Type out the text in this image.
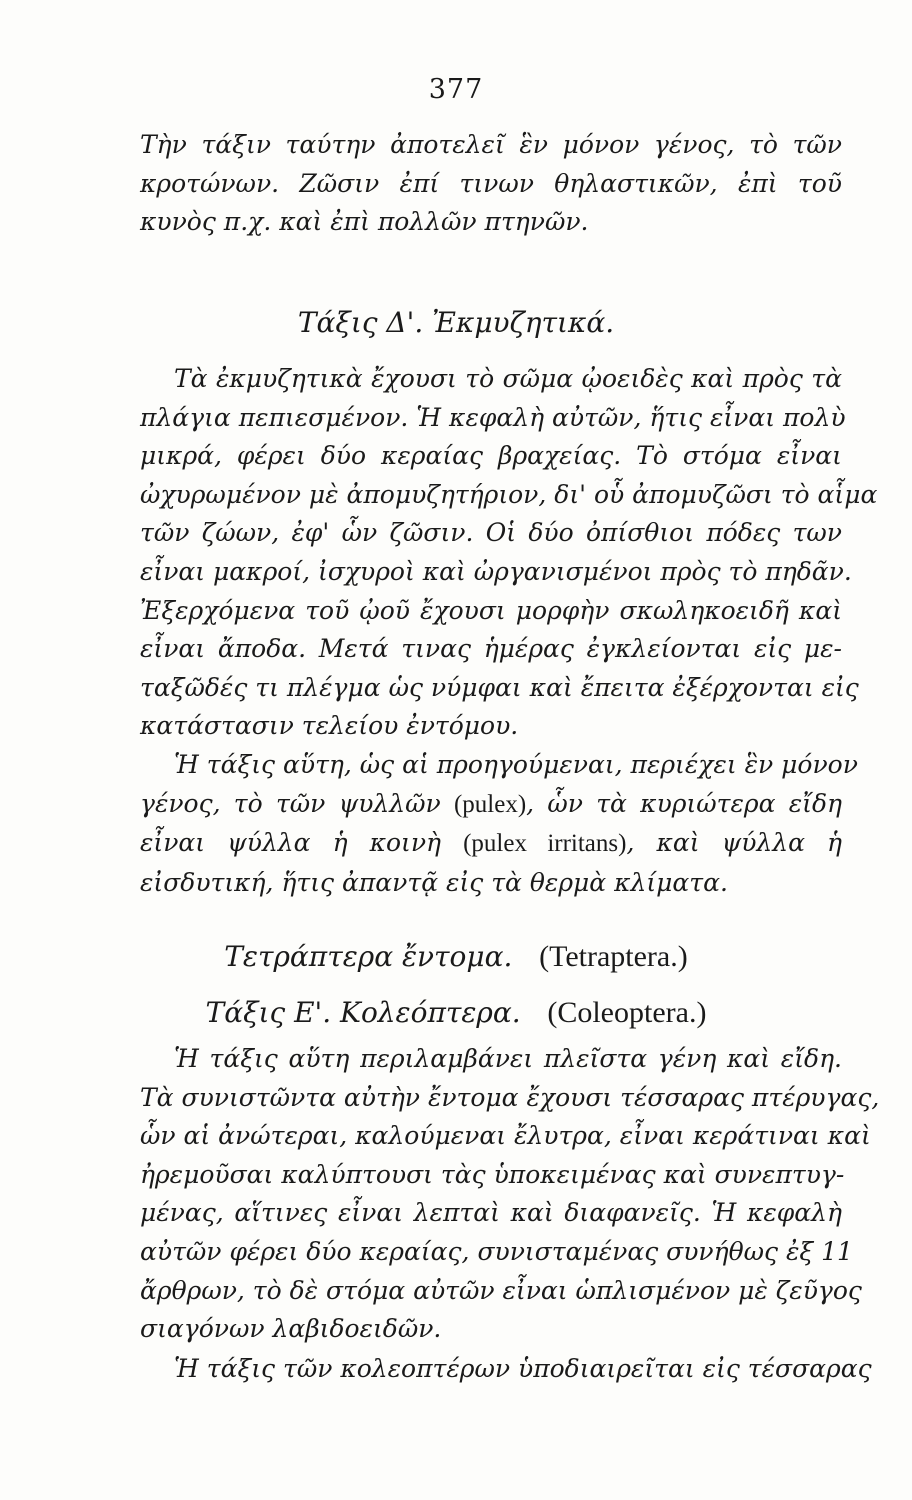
377
Τὴν τάξιν ταύτην ἀποτελεῖ ἓν μόνον γένος, τὸ τῶν
κροτώνων. Ζῶσιν ἐπί τινων θηλαστικῶν, ἐπὶ τοῦ
κυνὸς π.χ. καὶ ἐπὶ πολλῶν πτηνῶν.
Τάξις Δ'. Ἐκμυζητικά.
Τὰ ἐκμυζητικὰ ἔχουσι τὸ σῶμα ᾠοειδὲς καὶ πρὸς τὰ
πλάγια πεπιεσμένον. Ἡ κεφαλὴ αὐτῶν, ἥτις εἶναι πολὺ
μικρά, φέρει δύο κεραίας βραχείας. Τὸ στόμα εἶναι
ὠχυρωμένον μὲ ἀπομυζητήριον, δι' οὗ ἀπομυζῶσι τὸ αἷμα
τῶν ζώων, ἐφ' ὧν ζῶσιν. Οἱ δύο ὀπίσθιοι πόδες των
εἶναι μακροί, ἰσχυροὶ καὶ ὠργανισμένοι πρὸς τὸ πηδᾶν.
Ἐξερχόμενα τοῦ ᾠοῦ ἔχουσι μορφὴν σκωληκοειδῆ καὶ
εἶναι ἄποδα. Μετά τινας ἡμέρας ἐγκλείονται εἰς με-
ταξῶδές τι πλέγμα ὡς νύμφαι καὶ ἔπειτα ἐξέρχονται εἰς
κατάστασιν τελείου ἐντόμου.
Ἡ τάξις αὕτη, ὡς αἱ προηγούμεναι, περιέχει ἓν μόνον
γένος, τὸ τῶν ψυλλῶν (pulex), ὧν τὰ κυριώτερα εἴδη
εἶναι ψύλλα ἡ κοινὴ (pulex irritans), καὶ ψύλλα ἡ
εἰσδυτική, ἥτις ἀπαντᾷ εἰς τὰ θερμὰ κλίματα.
Τετράπτερα ἔντομα. (Tetraptera.)
Τάξις Ε'. Κολεόπτερα. (Coleoptera.)
Ἡ τάξις αὕτη περιλαμβάνει πλεῖστα γένη καὶ εἴδη.
Τὰ συνιστῶντα αὐτὴν ἔντομα ἔχουσι τέσσαρας πτέρυγας,
ὧν αἱ ἀνώτεραι, καλούμεναι ἔλυτρα, εἶναι κεράτιναι καὶ
ἠρεμοῦσαι καλύπτουσι τὰς ὑποκειμένας καὶ συνεπτυγ-
μένας, αἵτινες εἶναι λεπταὶ καὶ διαφανεῖς. Ἡ κεφαλὴ
αὐτῶν φέρει δύο κεραίας, συνισταμένας συνήθως ἐξ 11
ἄρθρων, τὸ δὲ στόμα αὐτῶν εἶναι ὡπλισμένον μὲ ζεῦγος
σιαγόνων λαβιδοειδῶν.
Ἡ τάξις τῶν κολεοπτέρων ὑποδιαιρεῖται εἰς τέσσαρας
